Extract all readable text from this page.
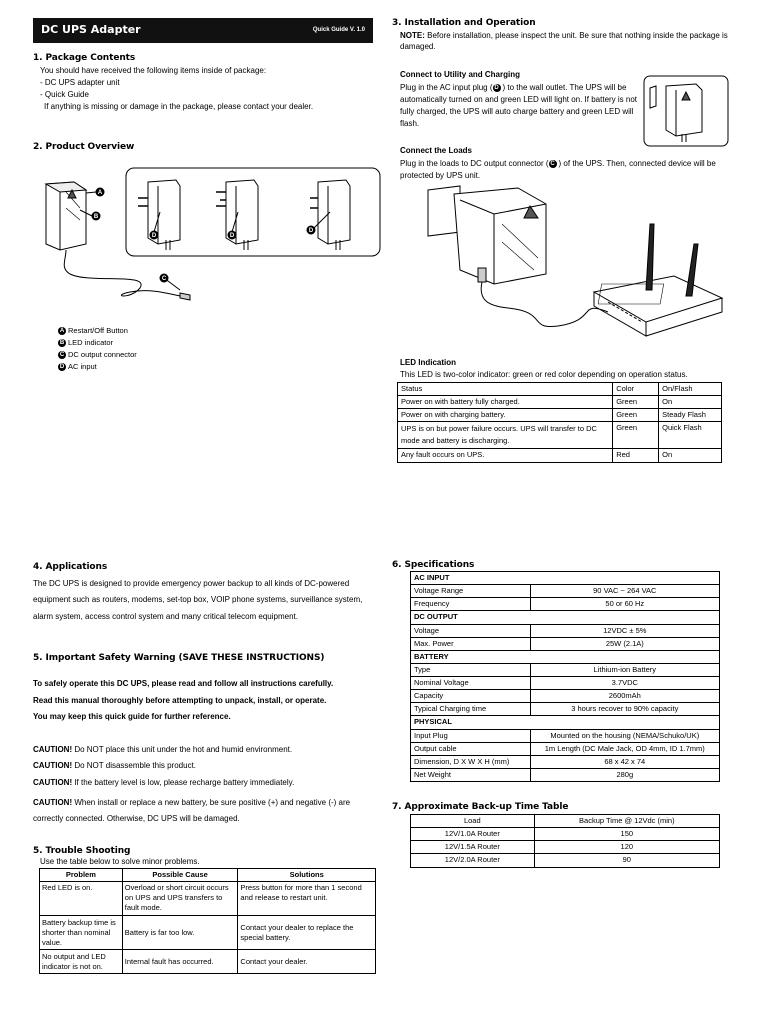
DC UPS Adapter	Quick Guide V. 1.0
1. Package Contents
You should have received the following items inside of package:
- DC UPS adapter unit
- Quick Guide
If anything is missing or damage in the package, please contact your dealer.
2. Product Overview
A
B
C
D	D
D
A Restart/Off Button
B LED indicator
C DC output connector
D AC input
3. Installation and Operation
NOTE: Before installation, please inspect the unit. Be sure that nothing inside the package is damaged.
Connect to Utility and Charging
Plug in the AC input plug ( D ) to the wall outlet. The UPS will be automatically turned on and green LED will light on. If battery is not fully charged, the UPS will auto charge battery and green LED will flash.
Connect the Loads
Plug in the loads to DC output connector ( C ) of the UPS. Then, connected device will be protected by UPS unit.
LED Indication
This LED is two-color indicator: green or red color depending on operation status.
Status	Color	On/Flash
Power on with battery fully charged.	Green	On
Power on with charging battery.	Green	Steady Flash
UPS is on but power failure occurs. UPS will transfer to DC mode and battery is discharging.	Green	Quick Flash
Any fault occurs on UPS.	Red	On
4. Applications
The DC UPS is designed to provide emergency power backup to all kinds of DC-powered equipment such as routers, modems, set-top box, VOIP phone systems, surveillance system, alarm system, access control system and many critical telecom equipment.
5. Important Safety Warning (SAVE THESE INSTRUCTIONS)
To safely operate this DC UPS, please read and follow all instructions carefully.
Read this manual thoroughly before attempting to unpack, install, or operate.
You may keep this quick guide for further reference.
CAUTION! Do NOT place this unit under the hot and humid environment.
CAUTION! Do NOT disassemble this product.
CAUTION! If the battery level is low, please recharge battery immediately.
CAUTION! When install or replace a new battery, be sure positive (+) and negative (-) are correctly connected. Otherwise, DC UPS will be damaged.
5. Trouble Shooting
Use the table below to solve minor problems.
Problem	Possible Cause	Solutions
Red LED is on.	Overload or short circuit occurs on UPS and UPS transfers to fault mode.	Press button for more than 1 second and release to restart unit.
Battery backup time is shorter than nominal value.	Battery is far too low.	Contact your dealer to replace the special battery.
No output and LED indicator is not on.	Internal fault has occurred.	Contact your dealer.
6. Specifications
AC INPUT	
Voltage Range	90 VAC ~ 264 VAC
Frequency	50 or 60 Hz
DC OUTPUT	
Voltage	12VDC ± 5%
Max. Power	25W (2.1A)
BATTERY	
Type	Lithium-ion Battery
Nominal Voltage	3.7VDC
Capacity	2600mAh
Typical Charging time	3 hours recover to 90% capacity
PHYSICAL	
Input Plug	Mounted on the housing (NEMA/Schuko/UK)
Output cable	1m Length (DC Male Jack, OD 4mm, ID 1.7mm)
Dimension, D X W X H (mm)	68 x 42 x 74
Net Weight	280g
7. Approximate Back-up Time Table
Load	Backup Time @ 12Vdc (min)
12V/1.0A Router	150
12V/1.5A Router	120
12V/2.0A Router	90
